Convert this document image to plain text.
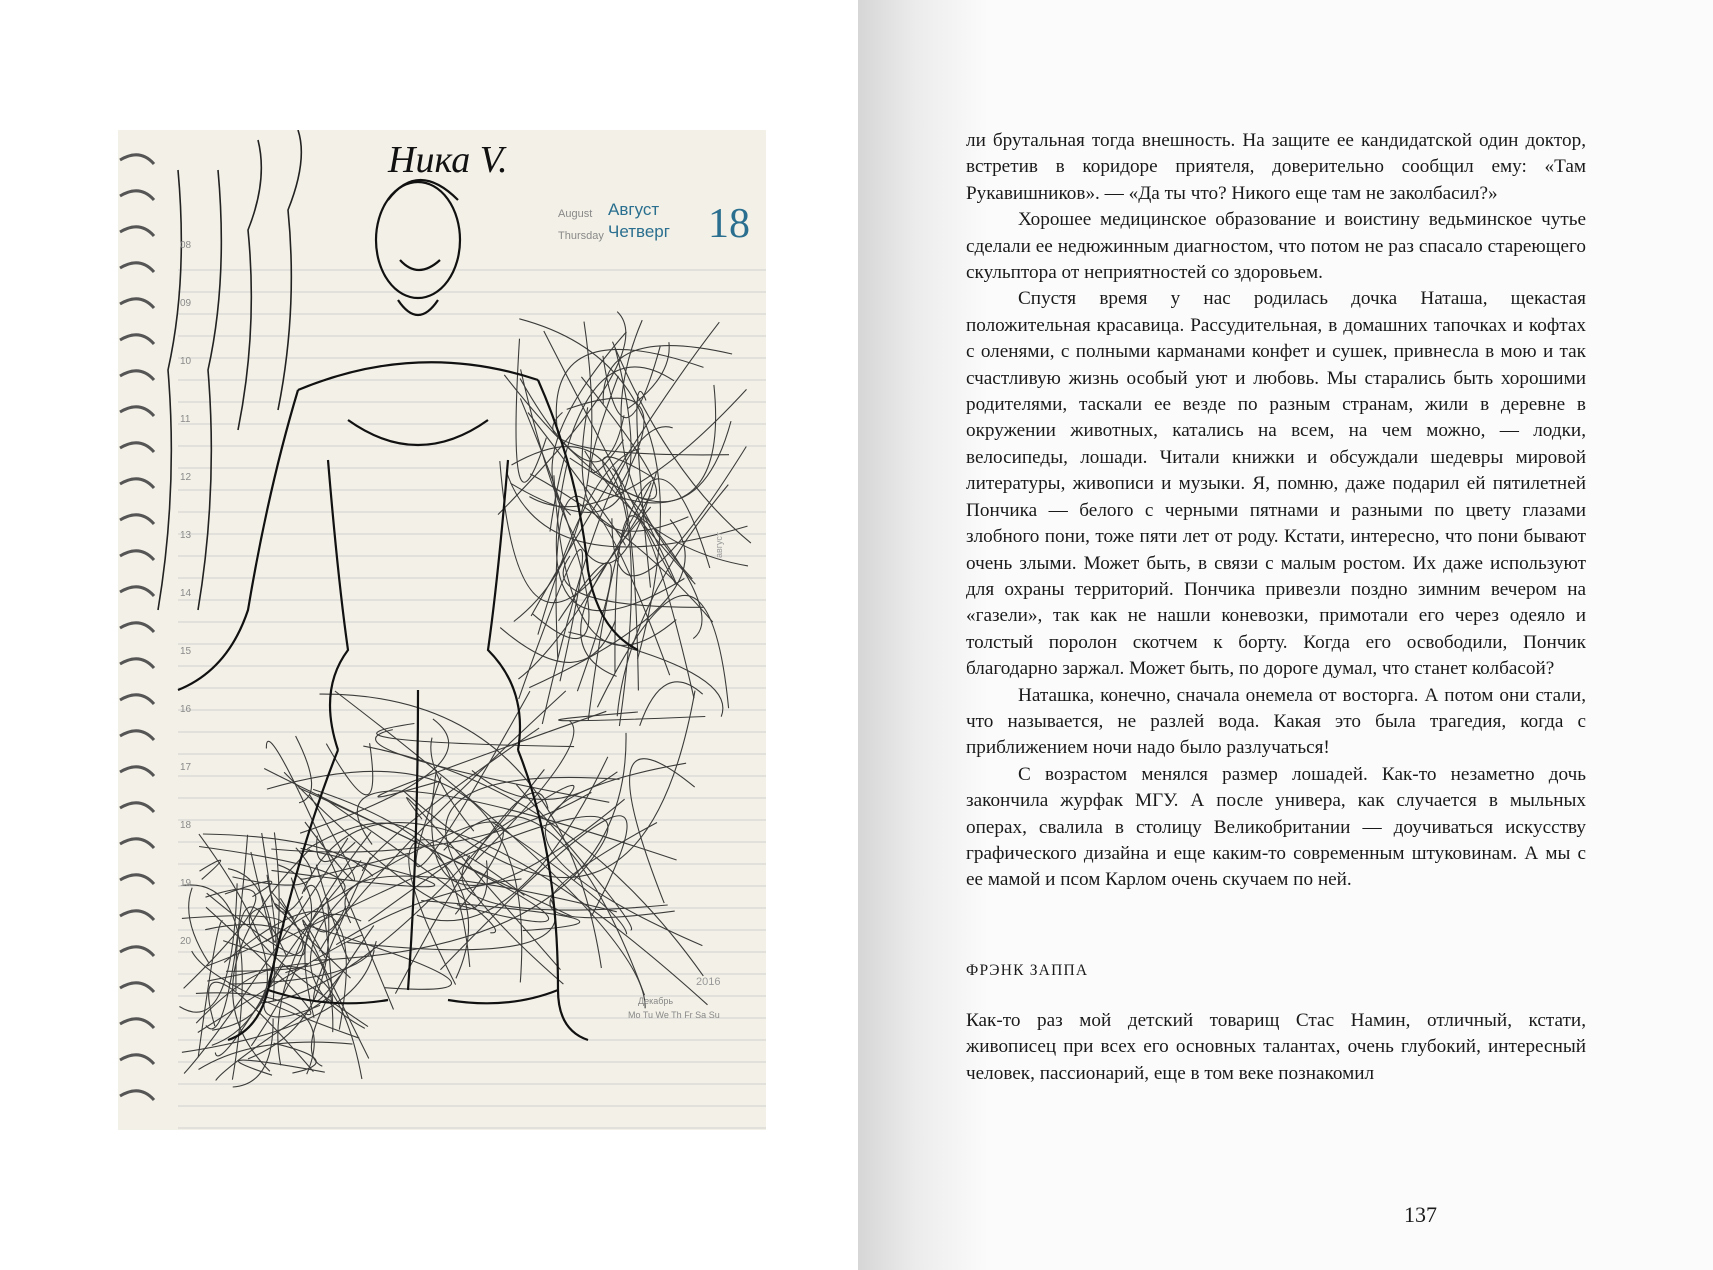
Ника V.
August
Thursday
Август
Четверг 18
08
09
10
11
12
13
14
15
16
17
18
19
20
август
2016
Декабрь
Mo Tu We Th Fr Sa Su

ли брутальная тогда внешность. На защите ее кандидатской один доктор, встретив в коридоре приятеля, доверительно сообщил ему: «Там Рукавишников». — «Да ты что? Никого еще там не заколбасил?»

Хорошее медицинское образование и воистину ведьминское чутье сделали ее недюжинным диагностом, что потом не раз спасало стареющего скульптора от неприятностей со здоровьем.

Спустя время у нас родилась дочка Наташа, щекастая положительная красавица. Рассудительная, в домашних тапочках и кофтах с оленями, с полными карманами конфет и сушек, привнесла в мою и так счастливую жизнь особый уют и любовь. Мы старались быть хорошими родителями, таскали ее везде по разным странам, жили в деревне в окружении животных, катались на всем, на чем можно, — лодки, велосипеды, лошади. Читали книжки и обсуждали шедевры мировой литературы, живописи и музыки. Я, помню, даже подарил ей пятилетней Пончика — белого с черными пятнами и разными по цвету глазами злобного пони, тоже пяти лет от роду. Кстати, интересно, что пони бывают очень злыми. Может быть, в связи с малым ростом. Их даже используют для охраны территорий. Пончика привезли поздно зимним вечером на «газели», так как не нашли коневозки, примотали его через одеяло и толстый поролон скотчем к борту. Когда его освободили, Пончик благодарно заржал. Может быть, по дороге думал, что станет колбасой?

Наташка, конечно, сначала онемела от восторга. А потом они стали, что называется, не разлей вода. Какая это была трагедия, когда с приближением ночи надо было разлучаться!

С возрастом менялся размер лошадей. Как-то незаметно дочь закончила журфак МГУ. А после универа, как случается в мыльных операх, свалила в столицу Великобритании — доучиваться искусству графического дизайна и еще каким-то современным штуковинам. А мы с ее мамой и псом Карлом очень скучаем по ней.

ФРЭНК ЗАППА

Как-то раз мой детский товарищ Стас Намин, отличный, кстати, живописец при всех его основных талантах, очень глубокий, интересный человек, пассионарий, еще в том веке познакомил

137
